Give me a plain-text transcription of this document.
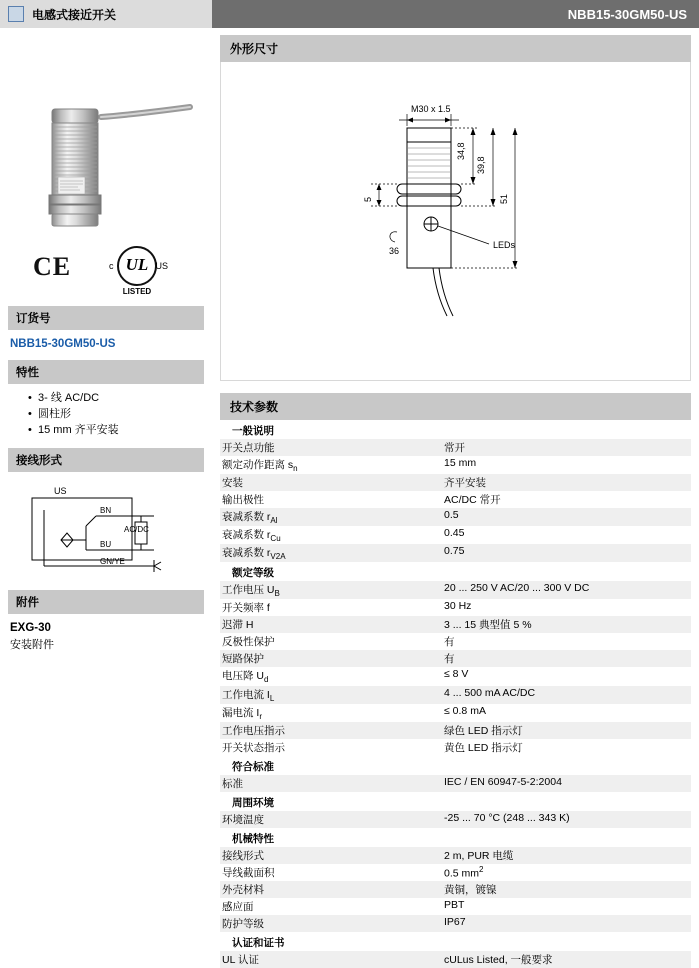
电感式接近开关	NBB15-30GM50-US
CE	UL
c	US
LISTED
订货号
NBB15-30GM50-US
特性
• 3- 线 AC/DC
• 圆柱形
• 15 mm 齐平安装
接线形式
US
BN
BU
AC/DC
GN/YE
附件
EXG-30
安装附件
外形尺寸
M30 x 1.5
34,8
39,8
51
5
36
LEDs
技术参数
一般说明	
开关点功能	常开
额定动作距离 $s_n$	15 mm
安装	齐平安装
输出极性	AC/DC 常开
衰减系数 $r_{Al}$	0.5
衰减系数 $r_{Cu}$	0.45
衰减系数 $r_{V2A}$	0.75
额定等级	
工作电压 $U_B$	20 ... 250 V AC/20 ... 300 V DC
开关频率 f	30 Hz
迟滞 H	3 ... 15 典型值 5 %
反极性保护	有
短路保护	有
电压降 $U_d$	≤ 8 V
工作电流 $I_L$	4 ... 500 mA AC/DC
漏电流 $I_r$	≤ 0.8 mA
工作电压指示	绿色 LED 指示灯
开关状态指示	黄色 LED 指示灯
符合标准	
标准	IEC / EN 60947-5-2:2004
周围环境	
环境温度	-25 ... 70 °C (248 ... 343 K)
机械特性	
接线形式	2 m, PUR 电缆
导线截面积	0.5 $mm^2$
外壳材料	黄铜，镀镍
感应面	PBT
防护等级	IP67
认证和证书	
UL 认证	cULus Listed, 一般要求
